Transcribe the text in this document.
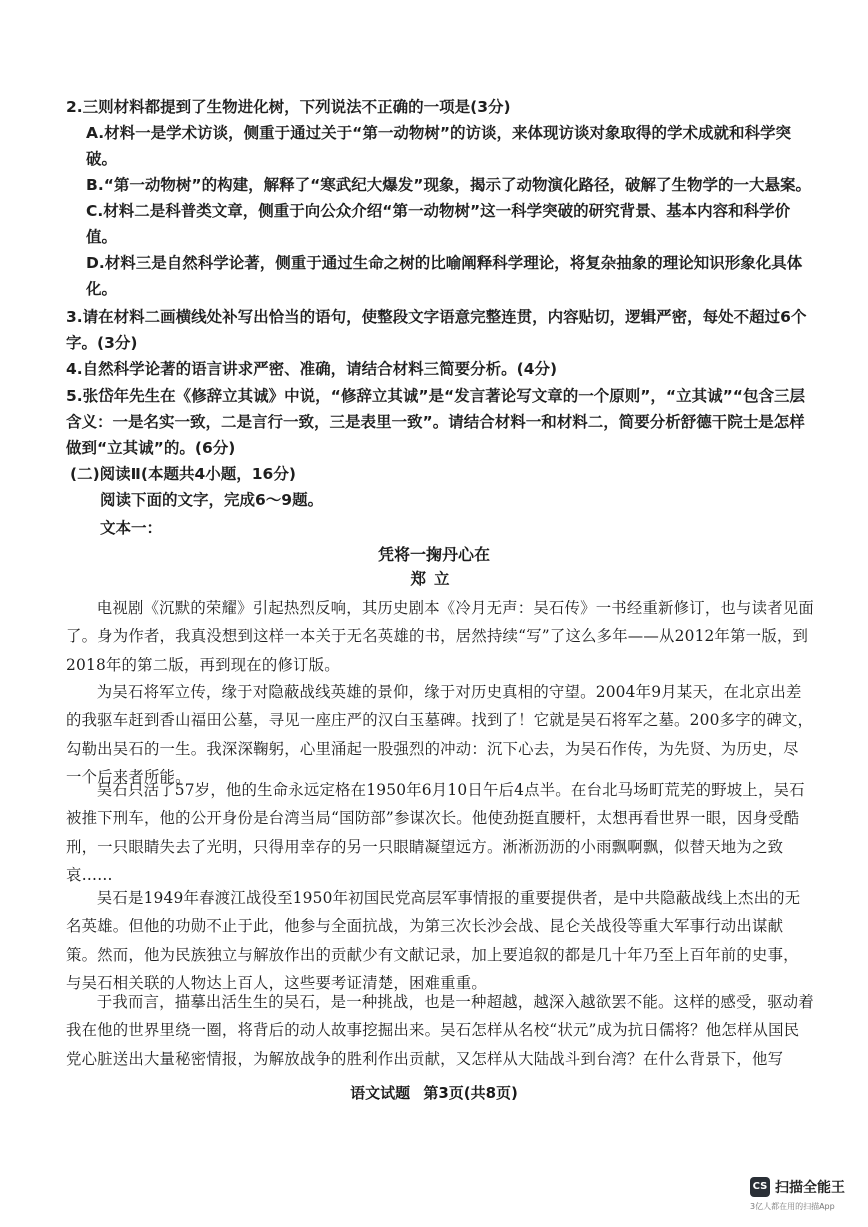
2.三则材料都提到了生物进化树，下列说法不正确的一项是(3分)
A.材料一是学术访谈，侧重于通过关于“第一动物树”的访谈，来体现访谈对象取得的学术成就和科学突破。
B.“第一动物树”的构建，解释了“寒武纪大爆发”现象，揭示了动物演化路径，破解了生物学的一大悬案。
C.材料二是科普类文章，侧重于向公众介绍“第一动物树”这一科学突破的研究背景、基本内容和科学价值。
D.材料三是自然科学论著，侧重于通过生命之树的比喻阐释科学理论，将复杂抽象的理论知识形象化具体化。
3.请在材料二画横线处补写出恰当的语句，使整段文字语意完整连贯，内容贴切，逻辑严密，每处不超过6个字。(3分)
4.自然科学论著的语言讲求严密、准确，请结合材料三简要分析。(4分)
5.张岱年先生在《修辞立其诚》中说，“修辞立其诚”是“发言著论写文章的一个原则”，“立其诚”“包含三层含义：一是名实一致，二是言行一致，三是表里一致”。请结合材料一和材料二，简要分析舒德干院士是怎样做到“立其诚”的。(6分)
(二)阅读Ⅱ(本题共4小题，16分)
阅读下面的文字，完成6～9题。
文本一：
凭将一掬丹心在
郑立
电视剧《沉默的荣耀》引起热烈反响，其历史剧本《冷月无声：吴石传》一书经重新修订，也与读者见面了。身为作者，我真没想到这样一本关于无名英雄的书，居然持续“写”了这么多年——从2012年第一版，到2018年的第二版，再到现在的修订版。
为吴石将军立传，缘于对隐蔽战线英雄的景仰，缘于对历史真相的守望。2004年9月某天，在北京出差的我驱车赶到香山福田公墓，寻见一座庄严的汉白玉墓碑。找到了！它就是吴石将军之墓。200多字的碑文，勾勒出吴石的一生。我深深鞠躬，心里涌起一股强烈的冲动：沉下心去，为吴石作传，为先贤、为历史，尽一个后来者所能。
吴石只活了57岁，他的生命永远定格在1950年6月10日午后4点半。在台北马场町荒芜的野坡上，吴石被推下刑车，他的公开身份是台湾当局“国防部”参谋次长。他使劲挺直腰杆，太想再看世界一眼，因身受酷刑，一只眼睛失去了光明，只得用幸存的另一只眼睛凝望远方。淅淅沥沥的小雨飘啊飘，似替天地为之致哀……
吴石是1949年春渡江战役至1950年初国民党高层军事情报的重要提供者，是中共隐蔽战线上杰出的无名英雄。但他的功勋不止于此，他参与全面抗战，为第三次长沙会战、昆仑关战役等重大军事行动出谋献策。然而，他为民族独立与解放作出的贡献少有文献记录，加上要追叙的都是几十年乃至上百年前的史事，与吴石相关联的人物达上百人，这些要考证清楚，困难重重。
于我而言，描摹出活生生的吴石，是一种挑战，也是一种超越，越深入越欲罢不能。这样的感受，驱动着我在他的世界里绕一圈，将背后的动人故事挖掘出来。吴石怎样从名校“状元”成为抗日儒将？他怎样从国民党心脏送出大量秘密情报，为解放战争的胜利作出贡献，又怎样从大陆战斗到台湾？在什么背景下，他写
语文试题 第3页(共8页)
CS 扫描全能王
3亿人都在用的扫描App
